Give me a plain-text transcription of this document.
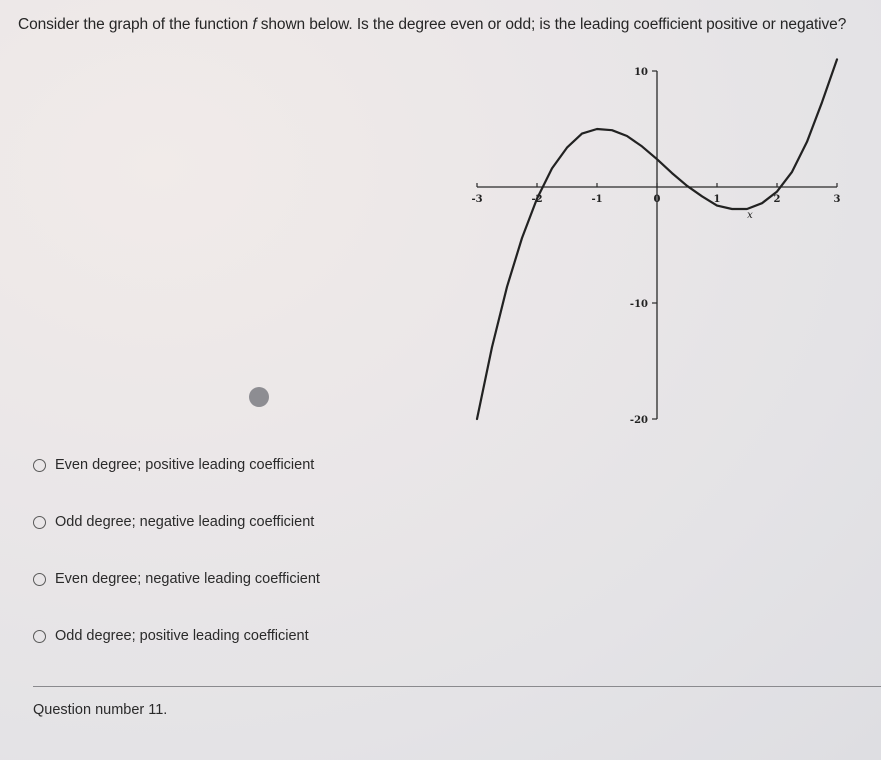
Consider the graph of the function f shown below. Is the degree even or odd; is the leading coefficient positive or negative?
-3	-2	-1	0	1	2	3
10
-10
-20
x
Even degree; positive leading coefficient
Odd degree; negative leading coefficient
Even degree; negative leading coefficient
Odd degree; positive leading coefficient
Question number 11.
